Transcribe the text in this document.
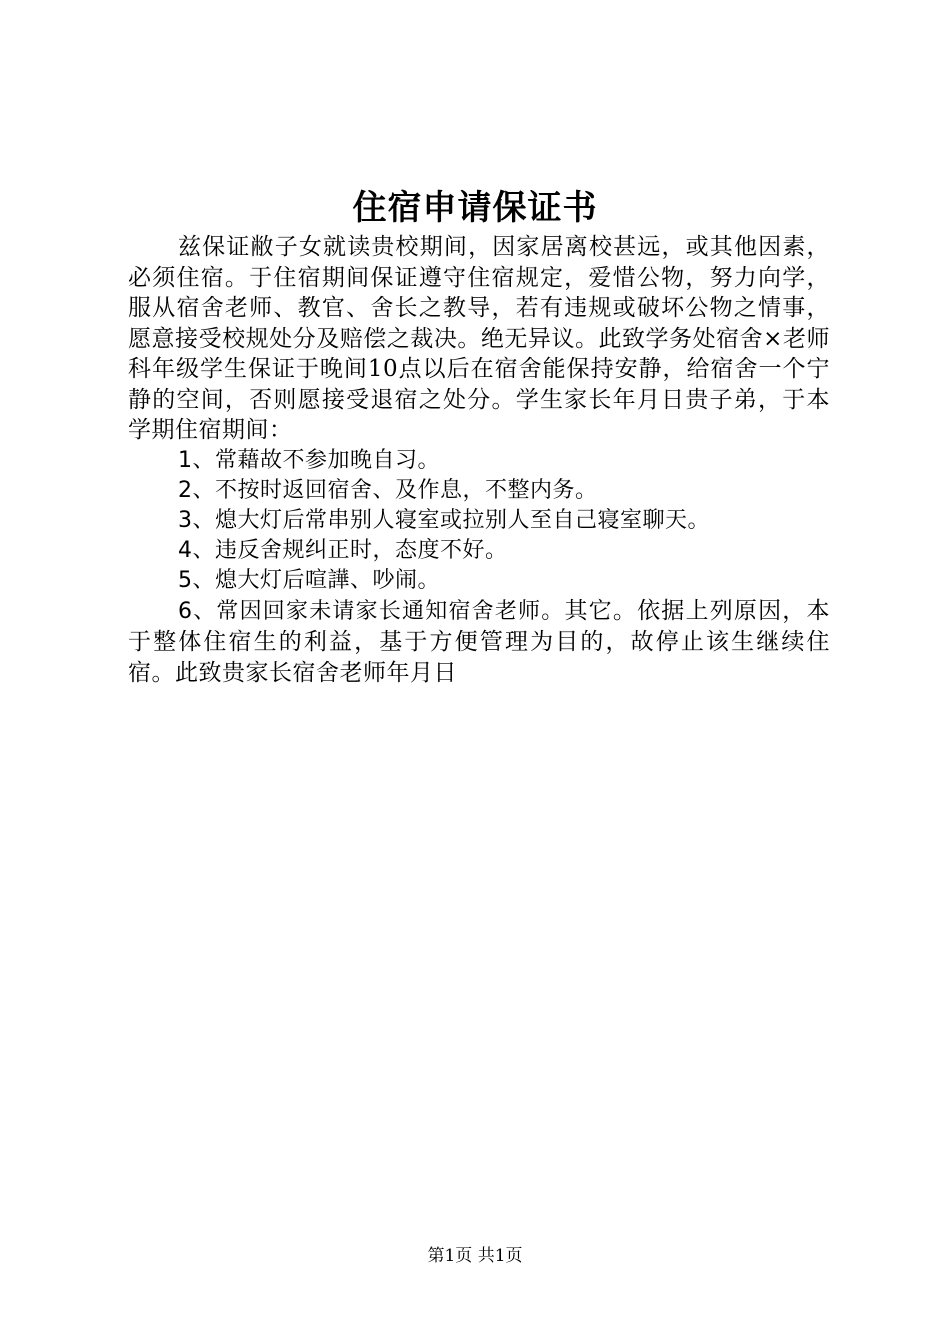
住宿申请保证书

兹保证敝子女就读贵校期间，因家居离校甚远，或其他因素，必须住宿。于住宿期间保证遵守住宿规定，爱惜公物，努力向学，服从宿舍老师、教官、舍长之教导，若有违规或破坏公物之情事，愿意接受校规处分及赔偿之裁决。绝无异议。此致学务处宿舍×老师科年级学生保证于晚间10点以后在宿舍能保持安静，给宿舍一个宁静的空间，否则愿接受退宿之处分。学生家长年月日贵子弟，于本学期住宿期间：

1、常藉故不参加晚自习。
2、不按时返回宿舍、及作息，不整内务。
3、熄大灯后常串别人寝室或拉别人至自己寝室聊天。
4、违反舍规纠正时，态度不好。
5、熄大灯后喧譁、吵闹。
6、常因回家未请家长通知宿舍老师。其它。依据上列原因，本于整体住宿生的利益，基于方便管理为目的，故停止该生继续住宿。此致贵家长宿舍老师年月日
第1页 共1页
